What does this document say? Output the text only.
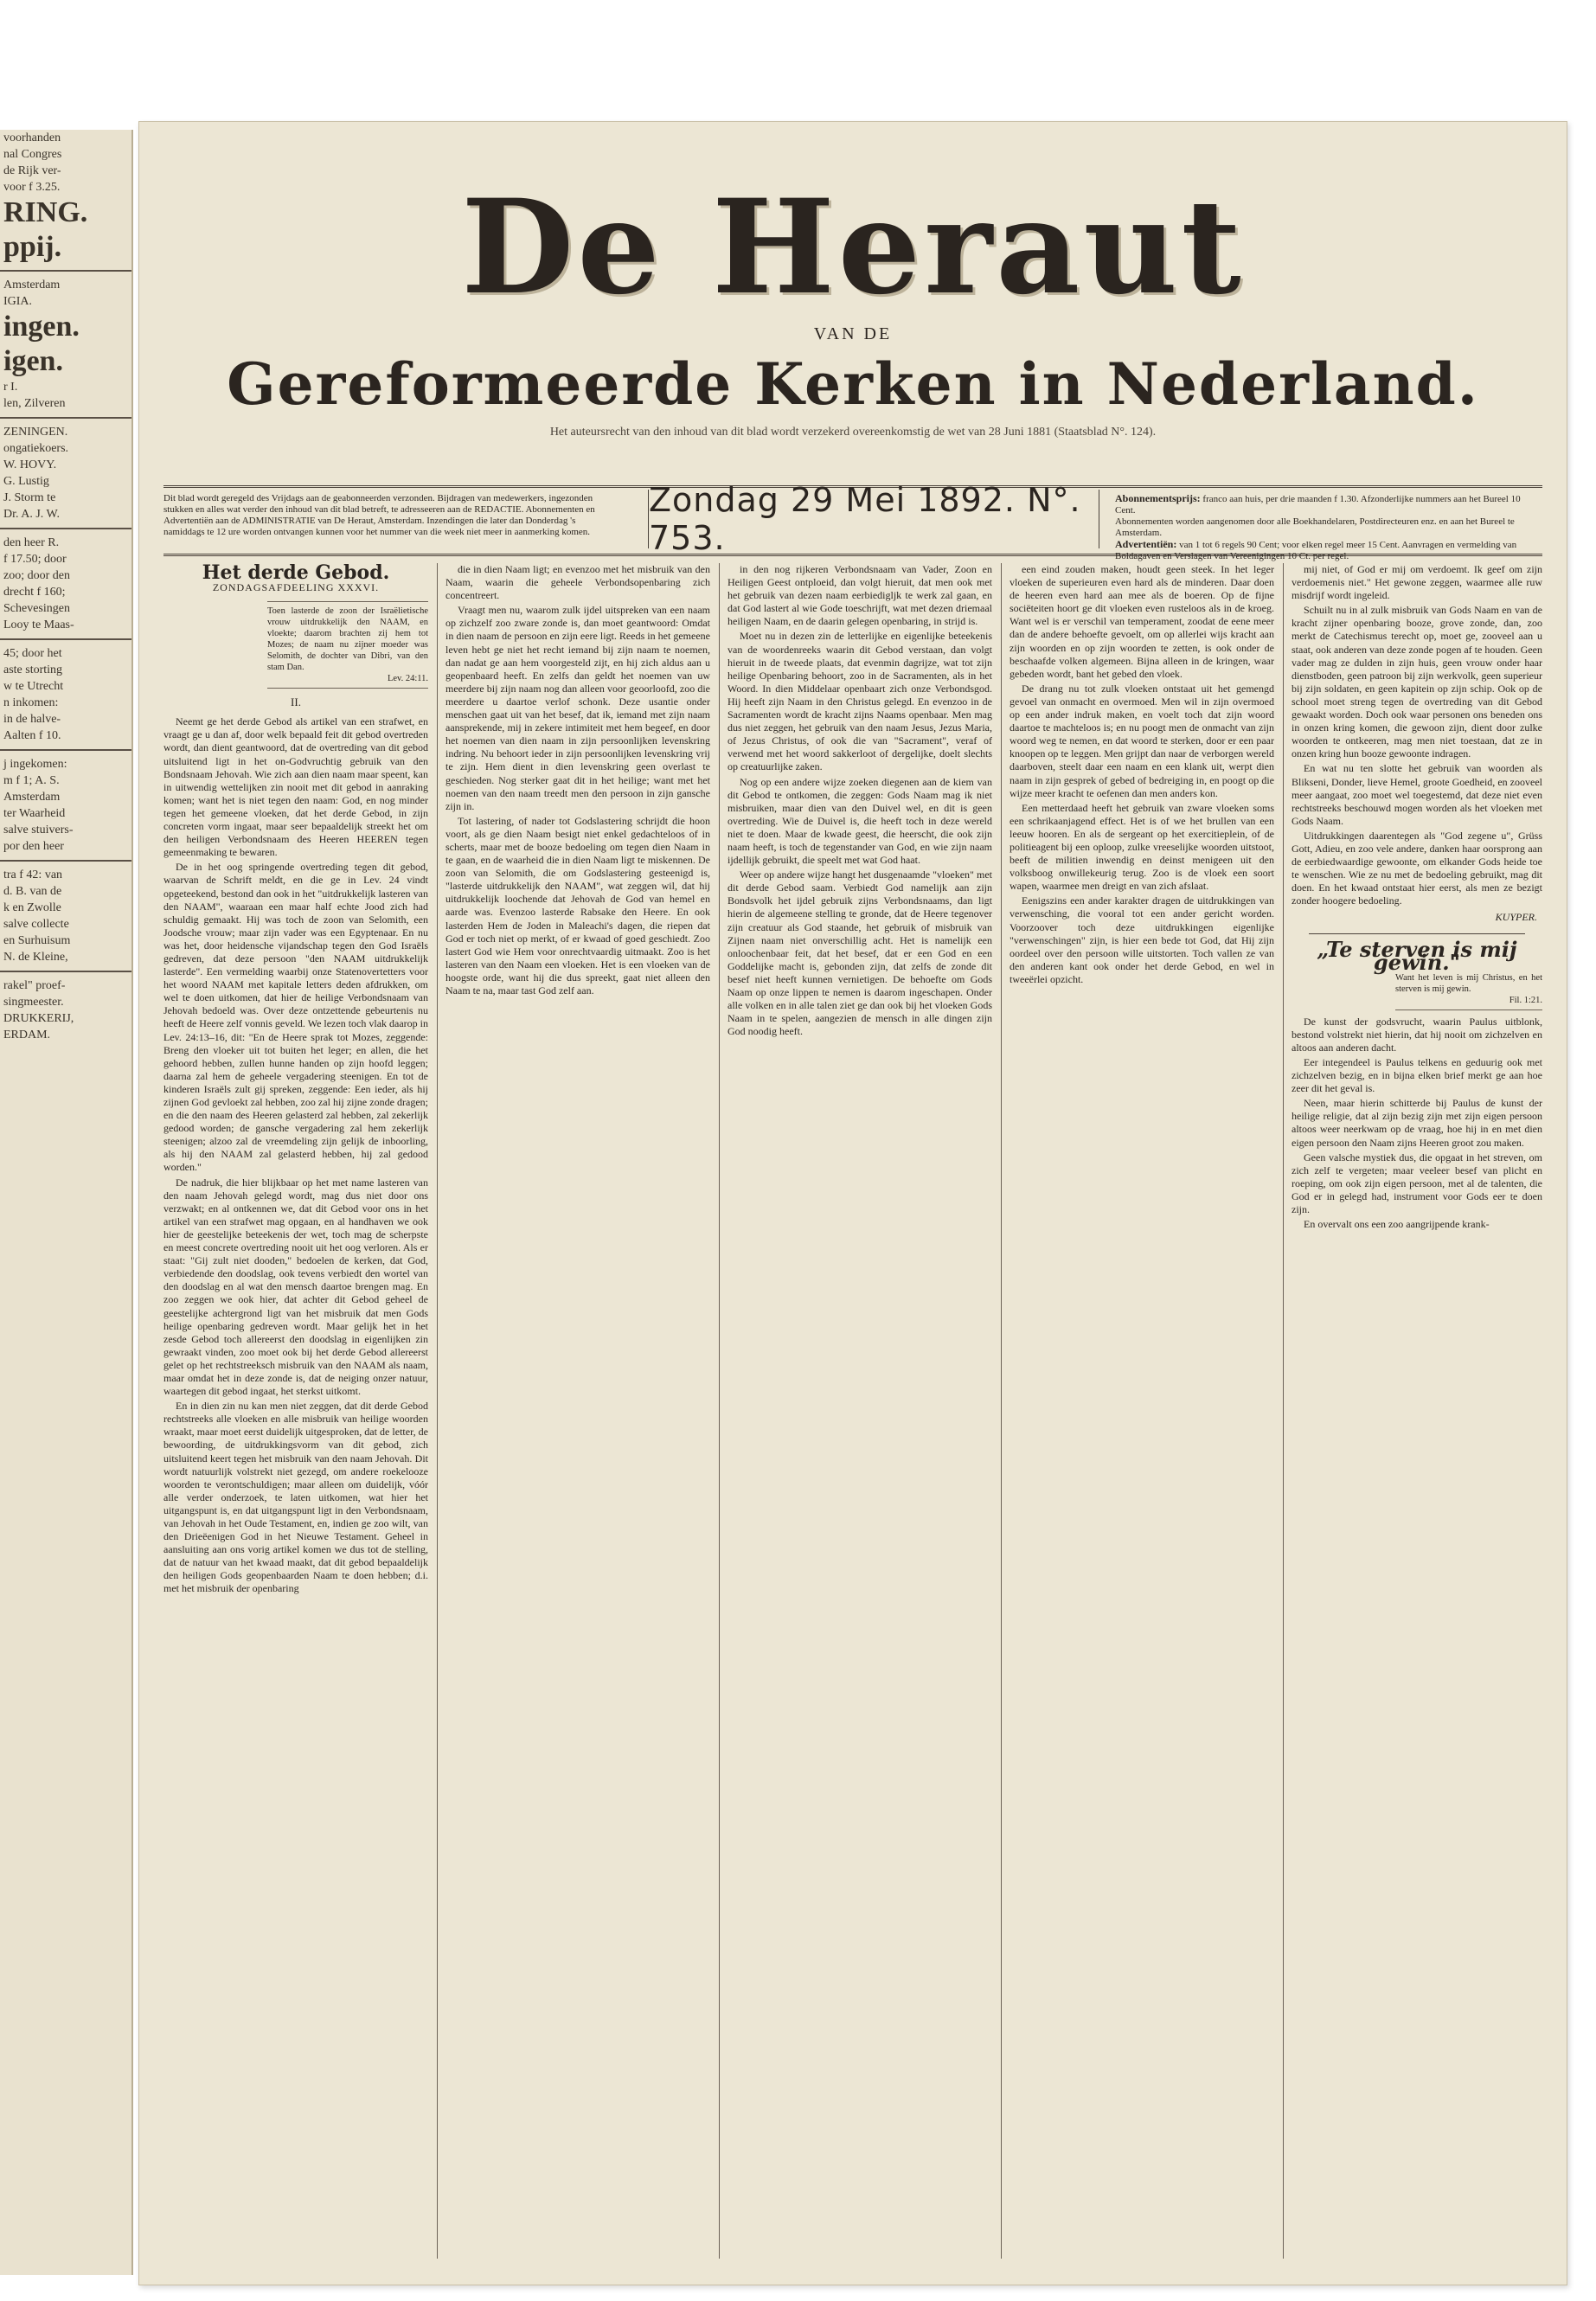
voorhanden
nal Congres
de Rijk ver-
voor f 3.25.
RING.
ppij.
Amsterdam
IGIA.
ingen.
igen.
r I.
len, Zilveren
ZENINGEN.
ongatiekoers.
W. HOVY.
G. Lustig
J. Storm te
Dr. A. J. W.
den heer R.
f 17.50; door
zoo; door den
drecht f 160;
Schevesingen
Looy te Maas-
45; door het
aste storting
w te Utrecht
n inkomen:
in de halve-
Aalten f 10.
j ingekomen:
m f 1; A. S.
Amsterdam
ter Waarheid
salve stuivers-
por den heer
tra f 42: van
d. B. van de
k en Zwolle
salve collecte
en Surhuisum
N. de Kleine,
rakel" proef-
singmeester.
DRUKKERIJ,
ERDAM.
De Heraut
VAN DE
Gereformeerde Kerken in Nederland.
Het auteursrecht van den inhoud van dit blad wordt verzekerd overeenkomstig de wet van 28 Juni 1881 (Staatsblad N°. 124).
Dit blad wordt geregeld des Vrijdags aan de geabonneerden verzonden. Bijdragen van medewerkers, ingezonden stukken en alles wat verder den inhoud van dit blad betreft, te adresseeren aan de REDACTIE. Abonnementen en Advertentiën aan de ADMINISTRATIE van De Heraut, Amsterdam. Inzendingen die later dan Donderdag 's namiddags te 12 ure worden ontvangen kunnen voor het nummer van die week niet meer in aanmerking komen.
Zondag 29 Mei 1892. N°. 753.
Abonnementsprijs: franco aan huis, per drie maanden f 1.30. Afzonderlijke nummers aan het Bureel 10 Cent.
Abonnementen worden aangenomen door alle Boekhandelaren, Postdirecteuren enz. en aan het Bureel te Amsterdam.
Advertentiën: van 1 tot 6 regels 90 Cent; voor elken regel meer 15 Cent. Aanvragen en vermelding van Boldagaven en Verslagen van Vereenigingen 10 Ct. per regel.
Het derde Gebod.
ZONDAGSAFDEELING XXXVI.
Toen lasterde de zoon der Israëlietische vrouw uitdrukkelijk den NAAM, en vloekte; daarom brachten zij hem tot Mozes; de naam nu zijner moeder was Selomith, de dochter van Dibri, van den stam Dan.
Lev. 24:11.
II.

Neemt ge het derde Gebod als artikel van een strafwet, en vraagt ge u dan af, door welk bepaald feit dit gebod overtreden wordt, dan dient geantwoord, dat de overtreding van dit gebod uitsluitend ligt in het on-Godvruchtig gebruik van den Bondsnaam Jehovah. Wie zich aan dien naam maar speent, kan in uitwendig wettelijken zin nooit met dit gebod in aanraking komen; want het is niet tegen den naam: God, en nog minder tegen het gemeene vloeken, dat het derde Gebod, in zijn concreten vorm ingaat, maar seer bepaaldelijk streekt het om den heiligen Verbondsnaam des Heeren HEEREN tegen gemeenmaking te bewaren.

De in het oog springende overtreding tegen dit gebod, waarvan de Schrift meldt, en die ge in Lev. 24 vindt opgeteekend, bestond dan ook in het "uitdrukkelijk lasteren van den NAAM", waaraan een maar half echte Jood zich had schuldig gemaakt. Hij was toch de zoon van Selomith, een Joodsche vrouw; maar zijn vader was een Egyptenaar. En nu was het, door heidensche vijandschap tegen den God Israëls gedreven, dat deze persoon "den NAAM uitdrukkelijk lasterde". Een vermelding waarbij onze Statenovertetters voor het woord NAAM met kapitale letters deden afdrukken, om wel te doen uitkomen, dat hier de heilige Verbondsnaam van Jehovah bedoeld was. Over deze ontzettende gebeurtenis nu heeft de Heere zelf vonnis geveld. We lezen toch vlak daarop in Lev. 24:13–16, dit: "En de Heere sprak tot Mozes, zeggende: Breng den vloeker uit tot buiten het leger; en allen, die het gehoord hebben, zullen hunne handen op zijn hoofd leggen; daarna zal hem de geheele vergadering steenigen. En tot de kinderen Israëls zult gij spreken, zeggende: Een ieder, als hij zijnen God gevloekt zal hebben, zoo zal hij zijne zonde dragen; en die den naam des Heeren gelasterd zal hebben, zal zekerlijk gedood worden; de gansche vergadering zal hem zekerlijk steenigen; alzoo zal de vreemdeling zijn gelijk de inboorling, als hij den NAAM zal gelasterd hebben, hij zal gedood worden."

De nadruk, die hier blijkbaar op het met name lasteren van den naam Jehovah gelegd wordt, mag dus niet door ons verzwakt; en al ontkennen we, dat dit Gebod voor ons in het artikel van een strafwet mag opgaan, en al handhaven we ook hier de geestelijke beteekenis der wet, toch mag de scherpste en meest concrete overtreding nooit uit het oog verloren. Als er staat: "Gij zult niet dooden," bedoelen de kerken, dat God, verbiedende den doodslag, ook tevens verbiedt den wortel van den doodslag en al wat den mensch daartoe brengen mag. En zoo zeggen we ook hier, dat achter dit Gebod geheel de geestelijke achtergrond ligt van het misbruik dat men Gods heilige openbaring gedreven wordt. Maar gelijk het in het zesde Gebod toch allereerst den doodslag in eigenlijken zin gewraakt vinden, zoo moet ook bij het derde Gebod allereerst gelet op het rechtstreeksch misbruik van den NAAM als naam, maar omdat het in deze zonde is, dat de neiging onzer natuur, waartegen dit gebod ingaat, het sterkst uitkomt.

En in dien zin nu kan men niet zeggen, dat dit derde Gebod rechtstreeks alle vloeken en alle misbruik van heilige woorden wraakt, maar moet eerst duidelijk uitgesproken, dat de letter, de bewoording, de uitdrukkingsvorm van dit gebod, zich uitsluitend keert tegen het misbruik van den naam Jehovah. Dit wordt natuurlijk volstrekt niet gezegd, om andere roekelooze woorden te verontschuldigen; maar alleen om duidelijk, vóór alle verder onderzoek, te laten uitkomen, wat hier het uitgangspunt is, en dat uitgangspunt ligt in den Verbondsnaam, van Jehovah in het Oude Testament, en, indien ge zoo wilt, van den Drieëenigen God in het Nieuwe Testament. Geheel in aansluiting aan ons vorig artikel komen we dus tot de stelling, dat de natuur van het kwaad maakt, dat dit gebod bepaaldelijk den heiligen Gods geopenbaarden Naam te doen hebben; d.i. met het misbruik der openbaring

die in dien Naam ligt; en evenzoo met het misbruik van den Naam, waarin die geheele Verbondsopenbaring zich concentreert.

Vraagt men nu, waarom zulk ijdel uitspreken van een naam op zichzelf zoo zware zonde is, dan moet geantwoord: Omdat in dien naam de persoon en zijn eere ligt. Reeds in het gemeene leven hebt ge niet het recht iemand bij zijn naam te noemen, dan nadat ge aan hem voorgesteld zijt, en hij zich aldus aan u geopenbaard heeft. En zelfs dan geldt het noemen van uw meerdere bij zijn naam nog dan alleen voor geoorloofd, zoo die meerdere u daartoe verlof schonk. Deze usantie onder menschen gaat uit van het besef, dat ik, iemand met zijn naam aansprekende, mij in zekere intimiteit met hem begeef, en door het noemen van dien naam in zijn persoonlijken levenskring indring. Nu behoort ieder in zijn persoonlijken levenskring vrij te zijn. Hem dient in dien levenskring geen overlast te geschieden. Nog sterker gaat dit in het heilige; want met het noemen van den naam treedt men den persoon in zijn gansche zijn in.

Tot lastering, of nader tot Godslastering schrijdt die hoon voort, als ge dien Naam besigt niet enkel gedachteloos of in scherts, maar met de booze bedoeling om tegen dien Naam in te gaan, en de waarheid die in dien Naam ligt te miskennen. De zoon van Selomith, die om Godslastering gesteenigd is, "lasterde uitdrukkelijk den NAAM", wat zeggen wil, dat hij uitdrukkelijk loochende dat Jehovah de God van hemel en aarde was. Evenzoo lasterde Rabsake den Heere. En ook lasterden Hem de Joden in Maleachi's dagen, die riepen dat God er toch niet op merkt, of er kwaad of goed geschiedt. Zoo lastert God wie Hem voor onrechtvaardig uitmaakt. Zoo is het lasteren van den Naam een vloeken. Het is een vloeken van de hoogste orde, want hij die dus spreekt, gaat niet alleen den Naam te na, maar tast God zelf aan.

in den nog rijkeren Verbondsnaam van Vader, Zoon en Heiligen Geest ontploeid, dan volgt hieruit, dat men ook met het gebruik van dezen naam eerbiedigljk te werk zal gaan, en dat God lastert al wie Gode toeschrijft, wat met dezen driemaal heiligen Naam, en de daarin gelegen openbaring, in strijd is.

Moet nu in dezen zin de letterlijke en eigenlijke beteekenis van de woordenreeks waarin dit Gebod verstaan, dan volgt hieruit in de tweede plaats, dat evenmin dagrijze, wat tot zijn heilige Openbaring behoort, zoo in de Sacramenten, als in het Woord. In dien Middelaar openbaart zich onze Verbondsgod. Hij heeft zijn Naam in den Christus gelegd. En evenzoo in de Sacramenten wordt de kracht zijns Naams openbaar. Men mag dus niet zeggen, het gebruik van den naam Jesus, Jezus Maria, of Jezus Christus, of ook die van "Sacrament", veraf of verwend met het woord sakkerloot of dergelijke, doelt slechts op creatuurlijke zaken.

Nog op een andere wijze zoeken diegenen aan de kiem van dit Gebod te ontkomen, die zeggen: Gods Naam mag ik niet misbruiken, maar dien van den Duivel wel, en dit is geen overtreding. Wie de Duivel is, die heeft toch in deze wereld niet te doen. Maar de kwade geest, die heerscht, die ook zijn naam heeft, is toch de tegenstander van God, en wie zijn naam ijdellijk gebruikt, die speelt met wat God haat.

Weer op andere wijze hangt het dusgenaamde "vloeken" met dit derde Gebod saam. Verbiedt God namelijk aan zijn Bondsvolk het ijdel gebruik zijns Verbondsnaams, dan ligt hierin de algemeene stelling te gronde, dat de Heere tegenover zijn creatuur als God staande, het gebruik of misbruik van Zijnen naam niet onverschillig acht. Het is namelijk een onloochenbaar feit, dat het besef, dat er een God en een Goddelijke macht is, gebonden zijn, dat zelfs de zonde dit besef niet heeft kunnen vernietigen. De behoefte om Gods Naam op onze lippen te nemen is daarom ingeschapen. Onder alle volken en in alle talen ziet ge dan ook bij het vloeken Gods Naam in te spelen, aangezien de mensch in alle dingen zijn God noodig heeft.

een eind zouden maken, houdt geen steek. In het leger vloeken de superieuren even hard als de minderen. Daar doen de heeren even hard aan mee als de boeren. Op de fijne sociëteiten hoort ge dit vloeken even rusteloos als in de kroeg. Want wel is er verschil van temperament, zoodat de eene meer dan de andere behoefte gevoelt, om op allerlei wijs kracht aan zijn woorden en op zijn woorden te zetten, is ook onder de beschaafde volken algemeen. Bijna alleen in de kringen, waar gebeden wordt, bant het gebed den vloek.

De drang nu tot zulk vloeken ontstaat uit het gemengd gevoel van onmacht en overmoed. Men wil in zijn overmoed op een ander indruk maken, en voelt toch dat zijn woord daartoe te machteloos is; en nu poogt men de onmacht van zijn woord weg te nemen, en dat woord te sterken, door er een paar knoopen op te leggen. Men grijpt dan naar de verborgen wereld daarboven, steelt daar een naam en een klank uit, werpt dien naam in zijn gesprek of gebed of bedreiging in, en poogt op die wijze meer kracht te oefenen dan men anders kon.

Een metterdaad heeft het gebruik van zware vloeken soms een schrikaanjagend effect. Het is of we het brullen van een leeuw hooren. En als de sergeant op het exercitieplein, of de politieagent bij een oploop, zulke vreeselijke woorden uitstoot, beeft de militien inwendig en deinst menigeen uit den volksboog onwillekeurig terug. Zoo is de vloek een soort wapen, waarmee men dreigt en van zich afslaat.

Eenigszins een ander karakter dragen de uitdrukkingen van verwensching, die vooral tot een ander gericht worden. Voorzoover toch deze uitdrukkingen eigenlijke "verwenschingen" zijn, is hier een bede tot God, dat Hij zijn oordeel over den persoon wille uitstorten. Toch vallen ze van den anderen kant ook onder het derde Gebod, en wel in tweeërlei opzicht.

mij niet, of God er mij om verdoemt. Ik geef om zijn verdoemenis niet." Het gewone zeggen, waarmee alle ruw misdrijf wordt ingeleid.

Schuilt nu in al zulk misbruik van Gods Naam en van de kracht zijner openbaring booze, grove zonde, dan, zoo merkt de Catechismus terecht op, moet ge, zooveel aan u staat, ook anderen van deze zonde pogen af te houden. Geen vader mag ze dulden in zijn huis, geen vrouw onder haar dienstboden, geen patroon bij zijn werkvolk, geen superieur bij zijn soldaten, en geen kapitein op zijn schip. Ook op de school moet streng tegen de overtreding van dit Gebod gewaakt worden. Doch ook waar personen ons beneden ons in onzen kring komen, die gewoon zijn, dient door zulke woorden te ontkeeren, mag men niet toestaan, dat ze in onzen kring hun booze gewoonte indragen.

En wat nu ten slotte het gebruik van woorden als Blikseni, Donder, lieve Hemel, groote Goedheid, en zooveel meer aangaat, zoo moet wel toegestemd, dat deze niet even rechtstreeks beschouwd mogen worden als het vloeken met Gods Naam.

Uitdrukkingen daarentegen als "God zegene u", Grüss Gott, Adieu, en zoo vele andere, danken haar oorsprong aan de eerbiedwaardige gewoonte, om elkander Gods heide toe te wenschen. Wie ze nu met de bedoeling gebruikt, mag dit doen. En het kwaad ontstaat hier eerst, als men ze bezigt zonder hoogere bedoeling.

KUYPER.
„Te sterven is mij gewin."
Want het leven is mij Christus, en het sterven is mij gewin.
Fil. 1:21.

De kunst der godsvrucht, waarin Paulus uitblonk, bestond volstrekt niet hierin, dat hij nooit om zichzelven en altoos aan anderen dacht.

Eer integendeel is Paulus telkens en geduurig ook met zichzelven bezig, en in bijna elken brief merkt ge aan hoe zeer dit het geval is.

Neen, maar hierin schitterde bij Paulus de kunst der heilige religie, dat al zijn bezig zijn met zijn eigen persoon altoos weer neerkwam op de vraag, hoe hij in en met dien eigen persoon den Naam zijns Heeren groot zou maken.

Geen valsche mystiek dus, die opgaat in het streven, om zich zelf te vergeten; maar veeleer besef van plicht en roeping, om ook zijn eigen persoon, met al de talenten, die God er in gelegd had, instrument voor Gods eer te doen zijn.

En overvalt ons een zoo aangrijpende krank-
